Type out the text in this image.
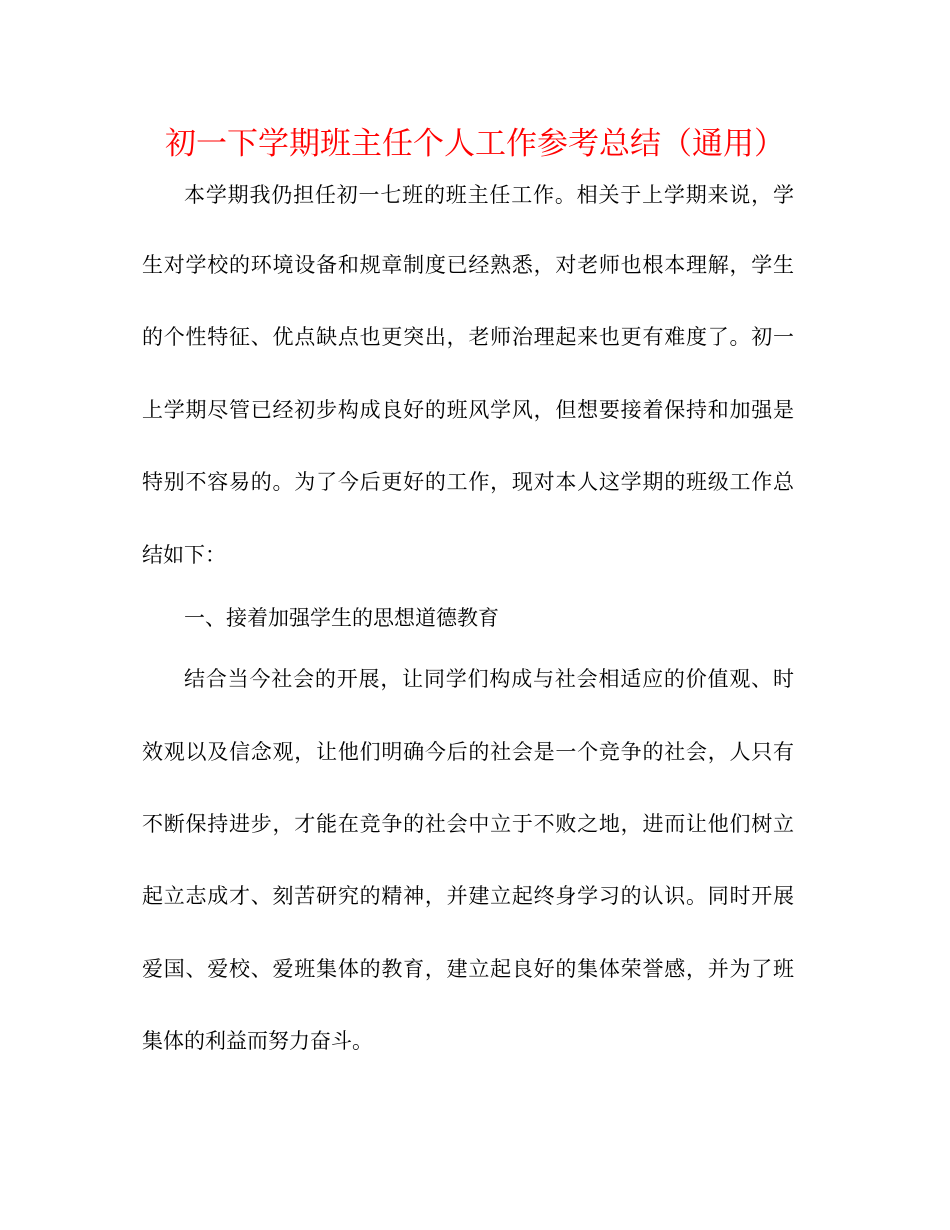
初一下学期班主任个人工作参考总结（通用）
本学期我仍担任初一七班的班主任工作。相关于上学期来说，学
生对学校的环境设备和规章制度已经熟悉，对老师也根本理解，学生
的个性特征、优点缺点也更突出，老师治理起来也更有难度了。初一
上学期尽管已经初步构成良好的班风学风，但想要接着保持和加强是
特别不容易的。为了今后更好的工作，现对本人这学期的班级工作总
结如下：
一、接着加强学生的思想道德教育
结合当今社会的开展，让同学们构成与社会相适应的价值观、时
效观以及信念观，让他们明确今后的社会是一个竞争的社会，人只有
不断保持进步，才能在竞争的社会中立于不败之地，进而让他们树立
起立志成才、刻苦研究的精神，并建立起终身学习的认识。同时开展
爱国、爱校、爱班集体的教育，建立起良好的集体荣誉感，并为了班
集体的利益而努力奋斗。
